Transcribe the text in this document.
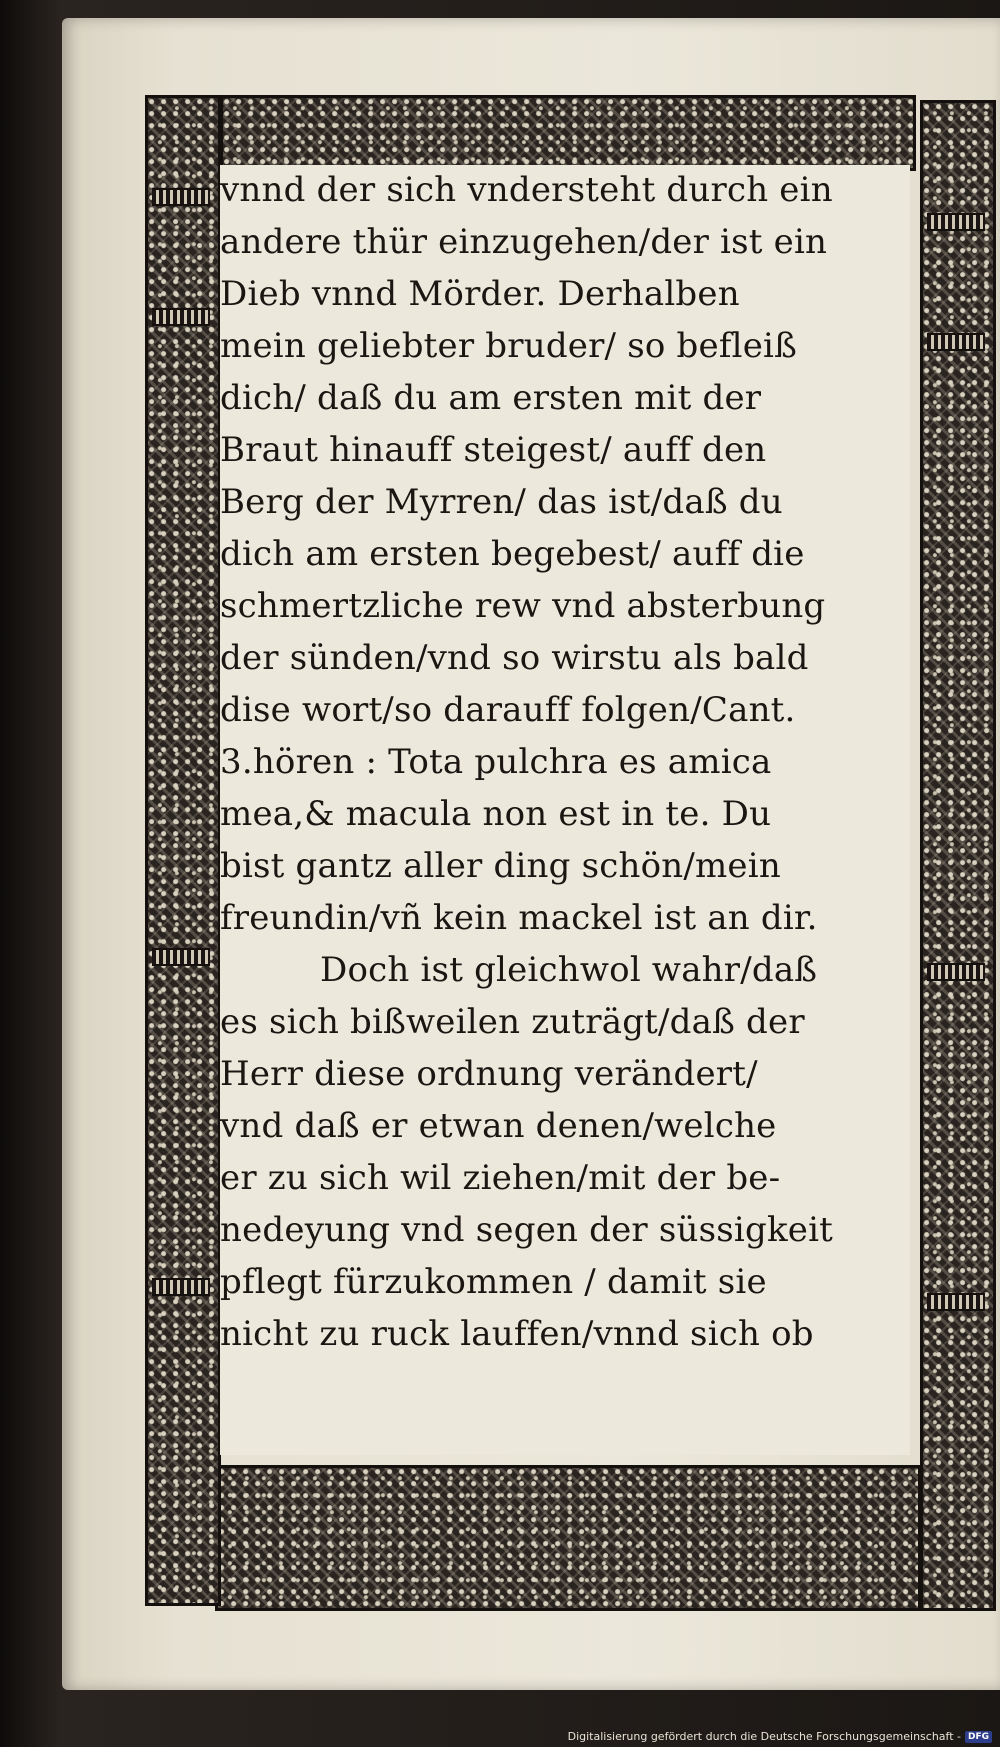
vnnd der sich vndersteht durch ein
andere thür einzugehen/der ist ein
Dieb vnnd Mörder. Derhalben
mein geliebter bruder/ so befleiß
dich/ daß du am ersten mit der
Braut hinauff steigest/ auff den
Berg der Myrren/ das ist/daß du
dich am ersten begebest/ auff die
schmertzliche rew vnd absterbung
der sünden/vnd so wirstu als bald
dise wort/so darauff folgen/Cant.
3.hören : Tota pulchra es amica
mea,& macula non est in te. Du
bist gantz aller ding schön/mein
freundin/vñ kein mackel ist an dir.
Doch ist gleichwol wahr/daß
es sich bißweilen zuträgt/daß der
Herr diese ordnung verändert/
vnd daß er etwan denen/welche
er zu sich wil ziehen/mit der be-
nedeyung vnd segen der süssigkeit
pflegt fürzukommen / damit sie
nicht zu ruck lauffen/vnnd sich ob
Digitalisierung gefördert durch die Deutsche Forschungsgemeinschaft - DFG
